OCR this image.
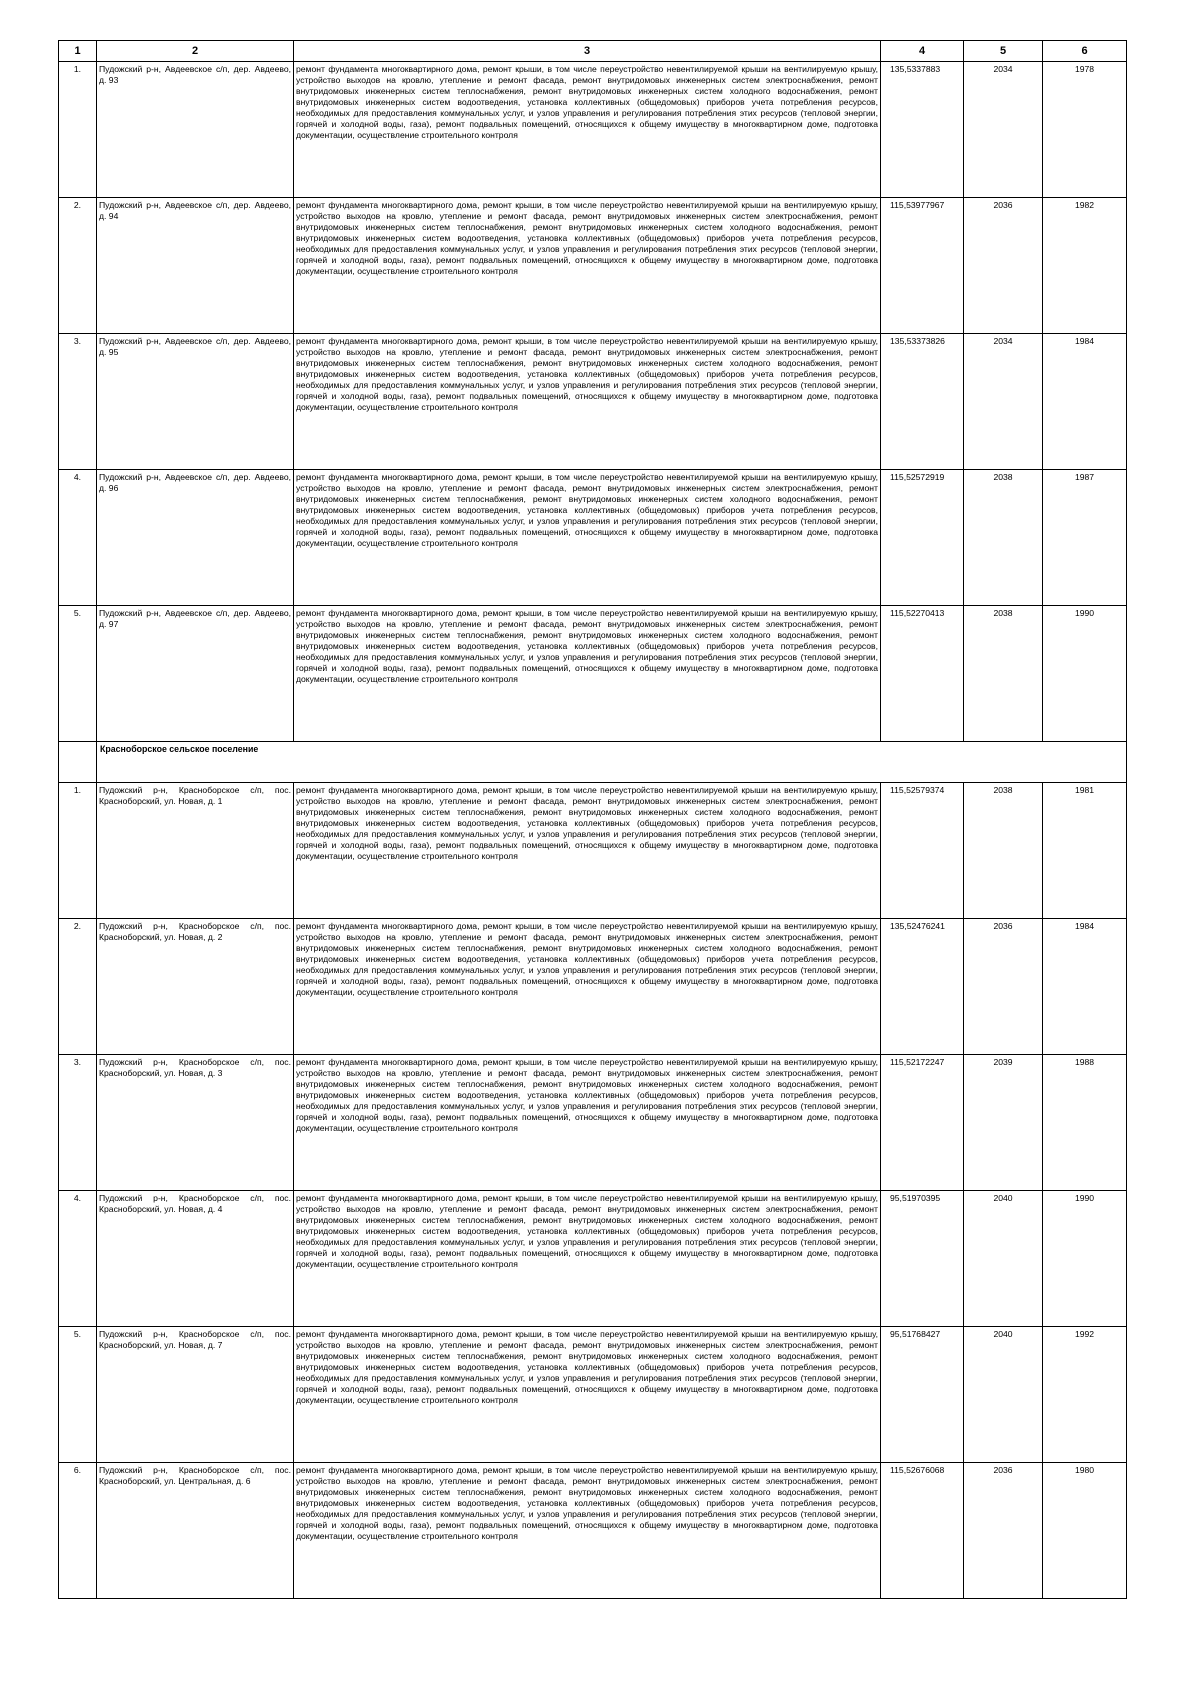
1	2	3	4	5	6
1.	Пудожский р-н, Авдеевское с/п, дер. Авдеево, д. 93	ремонт фундамента многоквартирного дома, ремонт крыши, в том числе переустройство невентилируемой крыши на вентилируемую крышу, устройство выходов на кровлю, утепление и ремонт фасада, ремонт внутридомовых инженерных систем электроснабжения, ремонт внутридомовых инженерных систем теплоснабжения, ремонт внутридомовых инженерных систем холодного водоснабжения, ремонт внутридомовых инженерных систем водоотведения, установка коллективных (общедомовых) приборов учета потребления ресурсов, необходимых для предоставления коммунальных услуг, и узлов управления и регулирования потребления этих ресурсов (тепловой энергии, горячей и холодной воды, газа), ремонт подвальных помещений, относящихся к общему имуществу в многоквартирном доме, подготовка документации, осуществление строительного контроля	135,5337883	2034	1978
2.	Пудожский р-н, Авдеевское с/п, дер. Авдеево, д. 94	ремонт фундамента многоквартирного дома, ремонт крыши, в том числе переустройство невентилируемой крыши на вентилируемую крышу, устройство выходов на кровлю, утепление и ремонт фасада, ремонт внутридомовых инженерных систем электроснабжения, ремонт внутридомовых инженерных систем теплоснабжения, ремонт внутридомовых инженерных систем холодного водоснабжения, ремонт внутридомовых инженерных систем водоотведения, установка коллективных (общедомовых) приборов учета потребления ресурсов, необходимых для предоставления коммунальных услуг, и узлов управления и регулирования потребления этих ресурсов (тепловой энергии, горячей и холодной воды, газа), ремонт подвальных помещений, относящихся к общему имуществу в многоквартирном доме, подготовка документации, осуществление строительного контроля	115,53977967	2036	1982
3.	Пудожский р-н, Авдеевское с/п, дер. Авдеево, д. 95	ремонт фундамента многоквартирного дома, ремонт крыши, в том числе переустройство невентилируемой крыши на вентилируемую крышу, устройство выходов на кровлю, утепление и ремонт фасада, ремонт внутридомовых инженерных систем электроснабжения, ремонт внутридомовых инженерных систем теплоснабжения, ремонт внутридомовых инженерных систем холодного водоснабжения, ремонт внутридомовых инженерных систем водоотведения, установка коллективных (общедомовых) приборов учета потребления ресурсов, необходимых для предоставления коммунальных услуг, и узлов управления и регулирования потребления этих ресурсов (тепловой энергии, горячей и холодной воды, газа), ремонт подвальных помещений, относящихся к общему имуществу в многоквартирном доме, подготовка документации, осуществление строительного контроля	135,53373826	2034	1984
4.	Пудожский р-н, Авдеевское с/п, дер. Авдеево, д. 96	ремонт фундамента многоквартирного дома, ремонт крыши, в том числе переустройство невентилируемой крыши на вентилируемую крышу, устройство выходов на кровлю, утепление и ремонт фасада, ремонт внутридомовых инженерных систем электроснабжения, ремонт внутридомовых инженерных систем теплоснабжения, ремонт внутридомовых инженерных систем холодного водоснабжения, ремонт внутридомовых инженерных систем водоотведения, установка коллективных (общедомовых) приборов учета потребления ресурсов, необходимых для предоставления коммунальных услуг, и узлов управления и регулирования потребления этих ресурсов (тепловой энергии, горячей и холодной воды, газа), ремонт подвальных помещений, относящихся к общему имуществу в многоквартирном доме, подготовка документации, осуществление строительного контроля	115,52572919	2038	1987
5.	Пудожский р-н, Авдеевское с/п, дер. Авдеево, д. 97	ремонт фундамента многоквартирного дома, ремонт крыши, в том числе переустройство невентилируемой крыши на вентилируемую крышу, устройство выходов на кровлю, утепление и ремонт фасада, ремонт внутридомовых инженерных систем электроснабжения, ремонт внутридомовых инженерных систем теплоснабжения, ремонт внутридомовых инженерных систем холодного водоснабжения, ремонт внутридомовых инженерных систем водоотведения, установка коллективных (общедомовых) приборов учета потребления ресурсов, необходимых для предоставления коммунальных услуг, и узлов управления и регулирования потребления этих ресурсов (тепловой энергии, горячей и холодной воды, газа), ремонт подвальных помещений, относящихся к общему имуществу в многоквартирном доме, подготовка документации, осуществление строительного контроля	115,52270413	2038	1990
	Красноборское сельское поселение				
1.	Пудожский р-н, Красноборское с/п, пос. Красноборский, ул. Новая, д. 1	ремонт фундамента многоквартирного дома, ремонт крыши, в том числе переустройство невентилируемой крыши на вентилируемую крышу, устройство выходов на кровлю, утепление и ремонт фасада, ремонт внутридомовых инженерных систем электроснабжения, ремонт внутридомовых инженерных систем теплоснабжения, ремонт внутридомовых инженерных систем холодного водоснабжения, ремонт внутридомовых инженерных систем водоотведения, установка коллективных (общедомовых) приборов учета потребления ресурсов, необходимых для предоставления коммунальных услуг, и узлов управления и регулирования потребления этих ресурсов (тепловой энергии, горячей и холодной воды, газа), ремонт подвальных помещений, относящихся к общему имуществу в многоквартирном доме, подготовка документации, осуществление строительного контроля	115,52579374	2038	1981
2.	Пудожский р-н, Красноборское с/п, пос. Красноборский, ул. Новая, д. 2	ремонт фундамента многоквартирного дома, ремонт крыши, в том числе переустройство невентилируемой крыши на вентилируемую крышу, устройство выходов на кровлю, утепление и ремонт фасада, ремонт внутридомовых инженерных систем электроснабжения, ремонт внутридомовых инженерных систем теплоснабжения, ремонт внутридомовых инженерных систем холодного водоснабжения, ремонт внутридомовых инженерных систем водоотведения, установка коллективных (общедомовых) приборов учета потребления ресурсов, необходимых для предоставления коммунальных услуг, и узлов управления и регулирования потребления этих ресурсов (тепловой энергии, горячей и холодной воды, газа), ремонт подвальных помещений, относящихся к общему имуществу в многоквартирном доме, подготовка документации, осуществление строительного контроля	135,52476241	2036	1984
3.	Пудожский р-н, Красноборское с/п, пос. Красноборский, ул. Новая, д. 3	ремонт фундамента многоквартирного дома, ремонт крыши, в том числе переустройство невентилируемой крыши на вентилируемую крышу, устройство выходов на кровлю, утепление и ремонт фасада, ремонт внутридомовых инженерных систем электроснабжения, ремонт внутридомовых инженерных систем теплоснабжения, ремонт внутридомовых инженерных систем холодного водоснабжения, ремонт внутридомовых инженерных систем водоотведения, установка коллективных (общедомовых) приборов учета потребления ресурсов, необходимых для предоставления коммунальных услуг, и узлов управления и регулирования потребления этих ресурсов (тепловой энергии, горячей и холодной воды, газа), ремонт подвальных помещений, относящихся к общему имуществу в многоквартирном доме, подготовка документации, осуществление строительного контроля	115,52172247	2039	1988
4.	Пудожский р-н, Красноборское с/п, пос. Красноборский, ул. Новая, д. 4	ремонт фундамента многоквартирного дома, ремонт крыши, в том числе переустройство невентилируемой крыши на вентилируемую крышу, устройство выходов на кровлю, утепление и ремонт фасада, ремонт внутридомовых инженерных систем электроснабжения, ремонт внутридомовых инженерных систем теплоснабжения, ремонт внутридомовых инженерных систем холодного водоснабжения, ремонт внутридомовых инженерных систем водоотведения, установка коллективных (общедомовых) приборов учета потребления ресурсов, необходимых для предоставления коммунальных услуг, и узлов управления и регулирования потребления этих ресурсов (тепловой энергии, горячей и холодной воды, газа), ремонт подвальных помещений, относящихся к общему имуществу в многоквартирном доме, подготовка документации, осуществление строительного контроля	95,51970395	2040	1990
5.	Пудожский р-н, Красноборское с/п, пос. Красноборский, ул. Новая, д. 7	ремонт фундамента многоквартирного дома, ремонт крыши, в том числе переустройство невентилируемой крыши на вентилируемую крышу, устройство выходов на кровлю, утепление и ремонт фасада, ремонт внутридомовых инженерных систем электроснабжения, ремонт внутридомовых инженерных систем теплоснабжения, ремонт внутридомовых инженерных систем холодного водоснабжения, ремонт внутридомовых инженерных систем водоотведения, установка коллективных (общедомовых) приборов учета потребления ресурсов, необходимых для предоставления коммунальных услуг, и узлов управления и регулирования потребления этих ресурсов (тепловой энергии, горячей и холодной воды, газа), ремонт подвальных помещений, относящихся к общему имуществу в многоквартирном доме, подготовка документации, осуществление строительного контроля	95,51768427	2040	1992
6.	Пудожский р-н, Красноборское с/п, пос. Красноборский, ул. Центральная, д. 6	ремонт фундамента многоквартирного дома, ремонт крыши, в том числе переустройство невентилируемой крыши на вентилируемую крышу, устройство выходов на кровлю, утепление и ремонт фасада, ремонт внутридомовых инженерных систем электроснабжения, ремонт внутридомовых инженерных систем теплоснабжения, ремонт внутридомовых инженерных систем холодного водоснабжения, ремонт внутридомовых инженерных систем водоотведения, установка коллективных (общедомовых) приборов учета потребления ресурсов, необходимых для предоставления коммунальных услуг, и узлов управления и регулирования потребления этих ресурсов (тепловой энергии, горячей и холодной воды, газа), ремонт подвальных помещений, относящихся к общему имуществу в многоквартирном доме, подготовка документации, осуществление строительного контроля	115,52676068	2036	1980
